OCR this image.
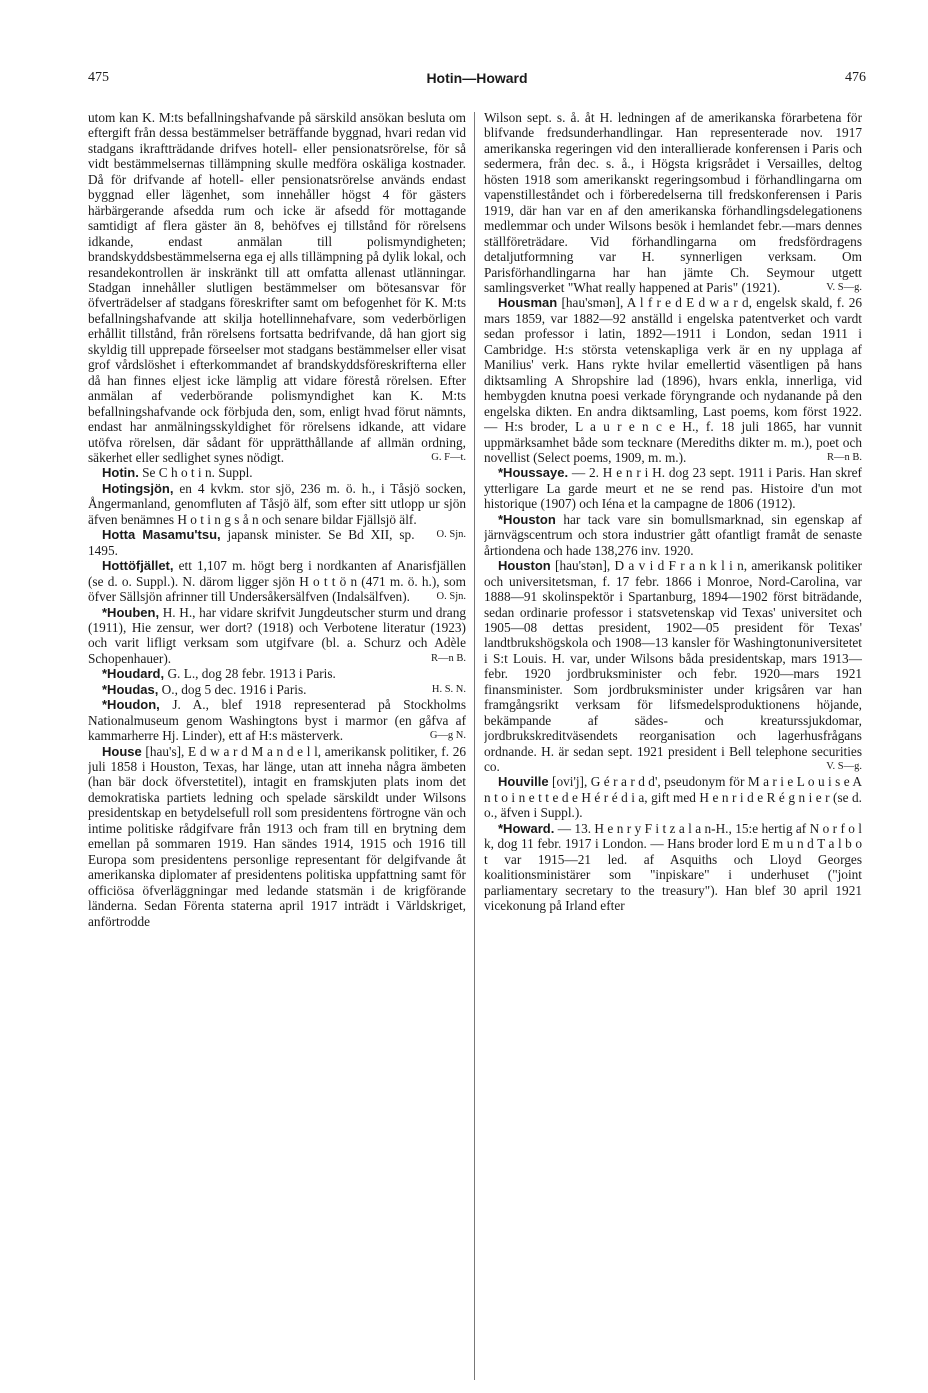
475	Hotin—Howard	476

utom kan K. M:ts befallningshafvande på särskild ansökan besluta om eftergift från dessa bestämmelser beträffande byggnad, hvari redan vid stadgans ikraftträdande drifves hotell- eller pensionatsrörelse, för så vidt bestämmelsernas tillämpning skulle medföra oskäliga kostnader. Då för drifvande af hotell- eller pensionatsrörelse används endast byggnad eller lägenhet, som innehåller högst 4 för gästers härbärgerande afsedda rum och icke är afsedd för mottagande samtidigt af flera gäster än 8, behöfves ej tillstånd för rörelsens idkande, endast anmälan till polismyndigheten; brandskyddsbestämmelserna ega ej alls tillämpning på dylik lokal, och resandekontrollen är inskränkt till att omfatta allenast utlänningar. Stadgan innehåller slutligen bestämmelser om bötesansvar för öfverträdelser af stadgans föreskrifter samt om befogenhet för K. M:ts befallningshafvande att skilja hotellinnehafvare, som vederbörligen erhållit tillstånd, från rörelsens fortsatta bedrifvande, då han gjort sig skyldig till upprepade förseelser mot stadgans bestämmelser eller visat grof vårdslöshet i efterkommandet af brandskyddsföreskrifterna eller då han finnes eljest icke lämplig att vidare förestå rörelsen. Efter anmälan af vederbörande polismyndighet kan K. M:ts befallningshafvande ock förbjuda den, som, enligt hvad förut nämnts, endast har anmälningsskyldighet för rörelsens idkande, att vidare utöfva rörelsen, där sådant för upprätthållande af allmän ordning, säkerhet eller sedlighet synes nödigt.	G. F—t.

Hotin. Se C h o t i n. Suppl.

Hotingsjön, en 4 kvkm. stor sjö, 236 m. ö. h., i Tåsjö socken, Ångermanland, genomfluten af Tåsjö älf, som efter sitt utlopp ur sjön äfven benämnes H o t i n g s å n och senare bildar Fjällsjö älf.
O. Sjn.

Hotta Masamu'tsu, japansk minister. Se Bd XII, sp. 1495.

Hottöfjället, ett 1,107 m. högt berg i nordkanten af Anarisfjällen (se d. o. Suppl.). N. därom ligger sjön H o t t ö n (471 m. ö. h.), som öfver Sällsjön afrinner till Undersåkersälfven (Indalsälfven).	O. Sjn.

*Houben, H. H., har vidare skrifvit Jungdeutscher sturm und drang (1911), Hie zensur, wer dort? (1918) och Verbotene literatur (1923) och varit lifligt verksam som utgifvare (bl. a. Schurz och Adèle Schopenhauer).	R—n B.

*Houdard, G. L., dog 28 febr. 1913 i Paris.

*Houdas, O., dog 5 dec. 1916 i Paris.	H. S. N.

*Houdon, J. A., blef 1918 representerad på Stockholms Nationalmuseum genom Washingtons byst i marmor (en gåfva af kammarherre Hj. Linder), ett af H:s mästerverk.	G—g N.

House [hau's], E d w a r d M a n d e l l, amerikansk politiker, f. 26 juli 1858 i Houston, Texas, har länge, utan att inneha några ämbeten (han bär dock öfverstetitel), intagit en framskjuten plats inom det demokratiska partiets ledning och spelade särskildt under Wilsons presidentskap en betydelsefull roll som presidentens förtrogne vän och intime politiske rådgifvare från 1913 och fram till en brytning dem emellan på sommaren 1919. Han sändes 1914, 1915 och 1916 till Europa som presidentens personlige representant för delgifvande åt amerikanska diplomater af presidentens politiska uppfattning samt för officiösa öfverläggningar med ledande statsmän i de krigförande länderna. Sedan Förenta staterna april 1917 inträdt i Världskriget, anförtrodde

Wilson sept. s. å. åt H. ledningen af de amerikanska förarbetena för blifvande fredsunderhandlingar. Han representerade nov. 1917 amerikanska regeringen vid den interallierade konferensen i Paris och sedermera, från dec. s. å., i Högsta krigsrådet i Versailles, deltog hösten 1918 som amerikanskt regeringsombud i förhandlingarna om vapenstilleståndet och i förberedelserna till fredskonferensen i Paris 1919, där han var en af den amerikanska förhandlingsdelegationens medlemmar och under Wilsons besök i hemlandet febr.—mars dennes ställföreträdare. Vid förhandlingarna om fredsfördragens detaljutformning var H. synnerligen verksam. Om Parisförhandlingarna har han jämte Ch. Seymour utgett samlingsverket "What really happened at Paris" (1921).	V. S—g.

Housman [hau'smən], A l f r e d E d w a r d, engelsk skald, f. 26 mars 1859, var 1882—92 anställd i engelska patentverket och vardt sedan professor i latin, 1892—1911 i London, sedan 1911 i Cambridge. H:s största vetenskapliga verk är en ny upplaga af Manilius' verk. Hans rykte hvilar emellertid väsentligen på hans diktsamling A Shropshire lad (1896), hvars enkla, innerliga, vid hembygden knutna poesi verkade föryngrande och nydanande på den engelska dikten. En andra diktsamling, Last poems, kom först 1922. — H:s broder, L a u r e n c e H., f. 18 juli 1865, har vunnit uppmärksamhet både som tecknare (Merediths dikter m. m.), poet och novellist (Select poems, 1909, m. m.).	R—n B.

*Houssaye. — 2. H e n r i H. dog 23 sept. 1911 i Paris. Han skref ytterligare La garde meurt et ne se rend pas. Histoire d'un mot historique (1907) och Iéna et la campagne de 1806 (1912).

*Houston har tack vare sin bomullsmarknad, sin egenskap af järnvägscentrum och stora industrier gått ofantligt framåt de senaste årtiondena och hade 138,276 inv. 1920.

Houston [hau'stən], D a v i d F r a n k l i n, amerikansk politiker och universitetsman, f. 17 febr. 1866 i Monroe, Nord-Carolina, var 1888—91 skolinspektör i Spartanburg, 1894—1902 först biträdande, sedan ordinarie professor i statsvetenskap vid Texas' universitet och 1905—08 dettas president, 1902—05 president för Texas' landtbrukshögskola och 1908—13 kansler för Washingtonuniversitetet i S:t Louis. H. var, under Wilsons båda presidentskap, mars 1913—febr. 1920 jordbruksminister och febr. 1920—mars 1921 finansminister. Som jordbruksminister under krigsåren var han framgångsrikt verksam för lifsmedelsproduktionens höjande, bekämpande af sädes- och kreaturssjukdomar, jordbrukskreditväsendets reorganisation och lagerhusfrågans ordnande. H. är sedan sept. 1921 president i Bell telephone securities co.	V. S—g.

Houville [ovi'j], G é r a r d d', pseudonym för M a r i e L o u i s e A n t o i n e t t e d e H é r é d i a, gift med H e n r i d e R é g n i e r (se d. o., äfven i Suppl.).

*Howard. — 13. H e n r y F i t z a l a n-H., 15:e hertig af N o r f o l k, dog 11 febr. 1917 i London. — Hans broder lord E m u n d T a l b o t var 1915—21 led. af Asquiths och Lloyd Georges koalitionsministärer som "inpiskare" i underhuset ("joint parliamentary secretary to the treasury"). Han blef 30 april 1921 vicekonung på Irland efter
